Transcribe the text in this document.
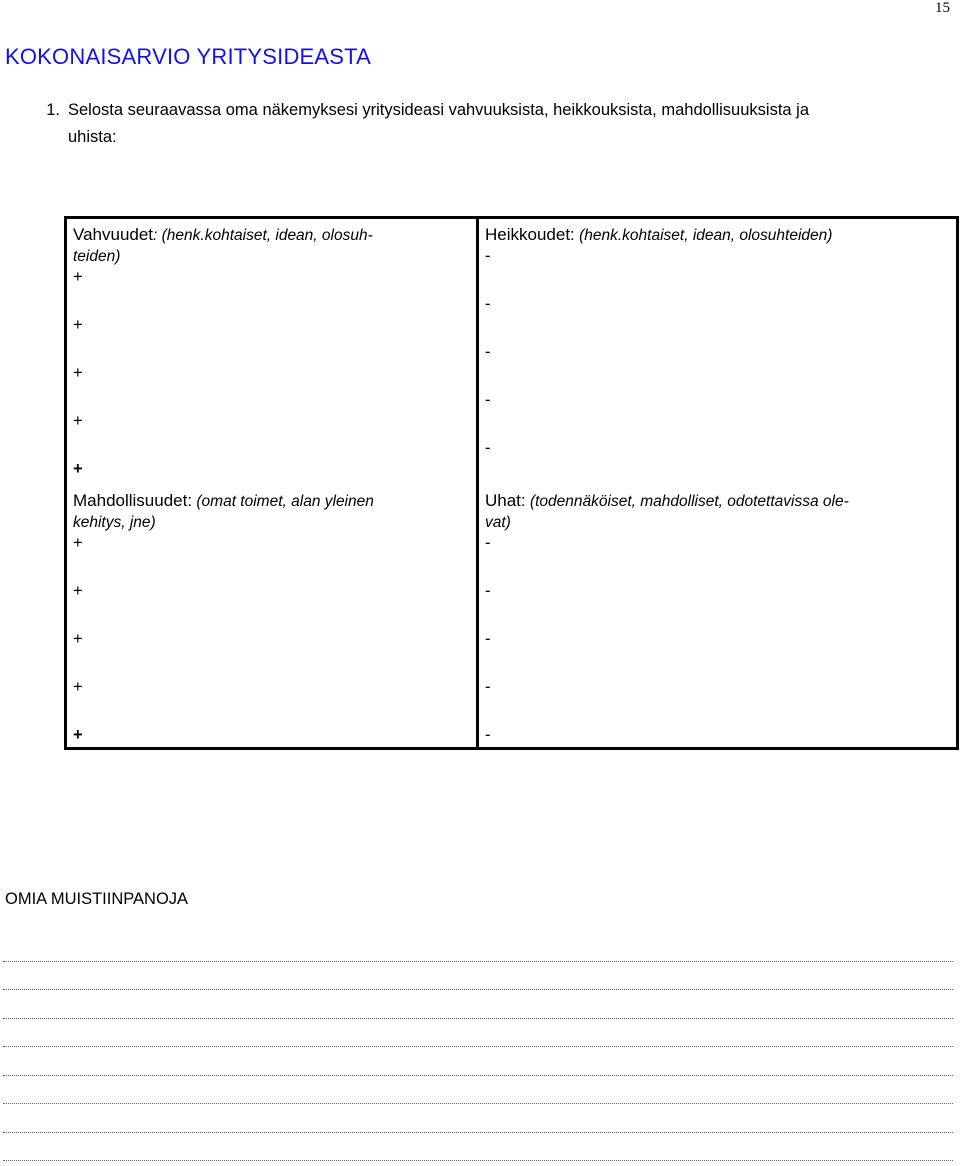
15
KOKONAISARVIO YRITYSIDEASTA
1. Selosta seuraavassa oma näkemyksesi yritysideasi vahvuuksista, heikkouksista, mahdollisuuksista ja
uhista:
Vahvuudet: (henk.kohtaiset, idean, olosuh-
teiden)
+
+
+
+
+
Heikkoudet: (henk.kohtaiset, idean, olosuhteiden)
-
-
-
-
-
Mahdollisuudet: (omat toimet, alan yleinen
kehitys, jne)
+
+
+
+
+
Uhat: (todennäköiset, mahdolliset, odotettavissa ole-
vat)
-
-
-
-
-
OMIA MUISTIINPANOJA
